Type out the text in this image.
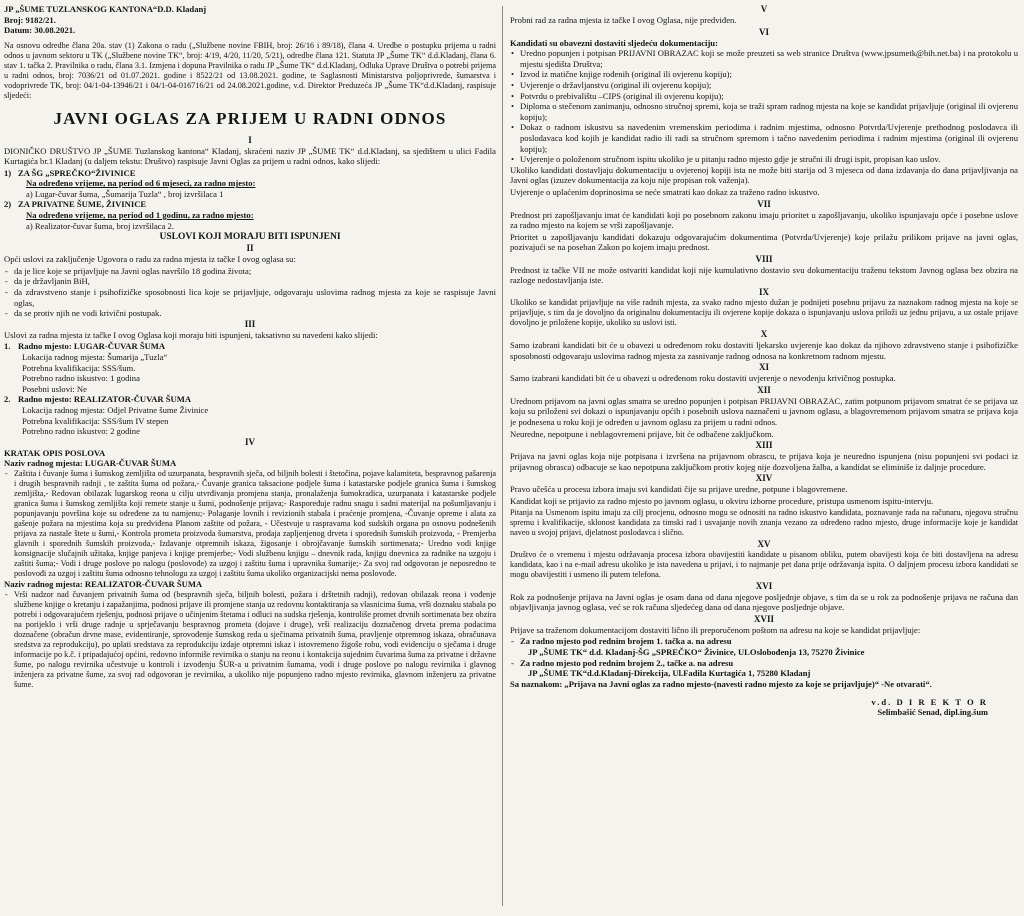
JP „ŠUME TUZLANSKOG KANTONA“D.D. Kladanj
Broj: 9182/21.
Datum: 30.08.2021.

Na osnovu odredbe člana 20a. stav (1) Zakona o radu („Službene novine FBIH, broj: 26/16 i 89/18), člana 4. Uredbe o postupku prijema u radni odnos u javnom sektoru u TK („Službene novine TK“, broj: 4/19, 4/20, 11/20, 5/21), odredbe člana 121. Statuta JP „Šume TK“ d.d.Kladanj, člana 6. stav 1. tačka 2. Pravilnika o radu, člana 3.1. Izmjena i dopuna Pravilnika o radu JP „Šume TK“ d.d.Kladanj, Odluka Uprave Društva o potrebi prijema u radni odnos, broj: 7036/21 od 01.07.2021. godine i 8522/21 od 13.08.2021. godine, te Saglasnosti Ministarstva poljoprivrede, šumarstva i vodoprivrede TK, broj: 04/1-04-13946/21 i 04/1-04-016716/21 od 24.08.2021.godine, v.d. Direktor Preduzeća JP „Šume TK“d.d.Kladanj, raspisuje sljedeći:

JAVNI OGLAS ZA PRIJEM U RADNI ODNOS
I

DIONIČKO DRUŠTVO JP „ŠUME Tuzlanskog kantona“ Kladanj, skraćeni naziv JP „ŠUME TK“ d.d.Kladanj, sa sjedištem u ulici Fadila Kurtagića br.1 Kladanj (u daljem tekstu: Društvo) raspisuje Javni Oglas za prijem u radni odnos, kako slijedi:

1) ZA ŠG „SPREČKO“ŽIVINICE
Na određeno vrijeme, na period od 6 mjeseci, za radno mjesto:
a) Lugar-čuvar šuma, „Šumarija Tuzla“ , broj izvršilaca 1
2) ZA PRIVATNE ŠUME, ŽIVINICE
Na određeno vrijeme, na period od 1 godinu, za radno mjesto:
a) Realizator-čuvar šuma, broj izvršilaca 2.
USLOVI KOJI MORAJU BITI ISPUNJENI
II

Opći uslovi za zaključenje Ugovora o radu za radna mjesta iz tačke I ovog oglasa su:

- da je lice koje se prijavljuje na Javni oglas navršilo 18 godina života;
- da je državljanin BiH,
- da zdravstveno stanje i psihofizičke sposobnosti lica koje se prijavljuje, odgovaraju uslovima radnog mjesta za koje se raspisuje Javni oglas,
- da se protiv njih ne vodi krivični postupak.
III

Uslovi za radna mjesta iz tačke I ovog Oglasa koji moraju biti ispunjeni, taksativno su navedeni kako slijedi:

1. Radno mjesto: LUGAR-ČUVAR ŠUMA
Lokacija radnog mjesta: Šumarija „Tuzla“
Potrebna kvalifikacija: SSS/šum.
Potrebno radno iskustvo: 1 godina
Posebni uslovi: Ne
2. Radno mjesto: REALIZATOR-ČUVAR ŠUMA
Lokacija radnog mjesta: Odjel Privatne šume Živinice
Potrebna kvalifikacija: SSS/šum IV stepen
Potrebno radno iskustvo: 2 godine
IV
KRATAK OPIS POSLOVA
Naziv radnog mjesta: LUGAR-ČUVAR ŠUMA
- Zaštita i čuvanje šuma i šumskog zemljišta od uzurpanata, bespravnih sječa, od biljnih bolesti i štetočina, pojave kalamiteta, bespravnog pašarenja i drugih bespravnih radnji , te zaštita šuma od požara,- Čuvanje granica taksacione podjele šuma i katastarske podjele granica šuma i šumskog zemljišta,- Redovan obilazak lugarskog reona u cilju utvrđivanja promjena stanja, pronalaženja šumokradica, uzurpanata i katastarske podjele granica šuma i šumskog zemljišta koji remete stanje u šumi, podnošenje prijava;- Raspoređuje radnu snagu i sadni materijal na pošumljavanju i popunjavanju površina koje su određene za tu namjenu;- Polaganje lovnih i revizionih stabala i praćenje promjena, -Čuvanje opreme i alata za gašenje požara na mjestima koja su predviđena Planom zaštite od požara, - Učestvuje u raspravama kod sudskih organa po osnovu podnešenih prijava za nastale štete u šumi,- Kontrola prometa proizvoda šumarstva, prodaja zapljenjenog drveta i sporednih šumskih proizvoda, - Premjerba glavnih i sporednih šumskih proizvoda,- Izdavanje otpremnih iskaza, žigosanje i obrojčavanje šumskih sortimenata;- Uredno vodi knjige konsignacije slučajnih užitaka, knjige panjeva i knjige premjerbe;- Vodi službenu knjigu – dnevnik rada, knjigu dnevnica za radnike na uzgoju i zaštiti šuma;- Vodi i druge poslove po nalogu (poslovođe) za uzgoj i zaštitu šuma i upravnika šumarije;- Za svoj rad odgovoran je neposredno te poslovođi za uzgoj i zaštitu šuma odnosno tehnologu za uzgoj i zaštitu šuma ukoliko organizacijski nema poslovođe.
Naziv radnog mjesta: REALIZATOR-ČUVAR ŠUMA
- Vrši nadzor nad čuvanjem privatnih šuma od (bespravnih sječa, biljnih bolesti, požara i drštetnih radnji), redovan obilazak reona i vođenje službene knjige o kretanju i zapažanjima, podnosi prijave ili promjene stanja uz redovnu kontaktiranja sa vlasnicima šuma, vrši doznaku stabala po potrebi i odgovarajućem rješenju, podnosi prijave o učinjenim štetama i odluci na sudska rješenja, kontroliše promet drvnih sortimenata bez obzira na porijeklo i vrši druge radnje u sprječavanju bespravnog prometa (dojave i druge), vrši realizaciju doznačenog drveta prema podacima doznačene (obračun drvne mase, evidentiranje, sprovođenje šumskog reda u sječinama privatnih šuma, pravljenje otpremnog iskaza, obračunava sredstva za reprodukciju), po uplati sredstava za reprodukciju izdaje otpremni iskaz i istovremeno žigoše robu, vodi evidenciju o sječama i druge informacije po k.č. i pripadajućoj općini, redovno informiše revirnika o stanju na reonu i kontakcija sujednim čuvarima šuma za privatne i državne šume, po nalogu revirnika učestvuje u kontroli i izvođenju ŠUR-a u privatnim šumama, vodi i druge poslove po nalogu revirnika i glavnog inženjera za privatne šume, za svoj rad odgovoran je revirniku, a ukoliko nije popunjeno radno mjesto revirnika, glavnom inženjeru za privatne šume.
V

Probni rad za radna mjesta iz tačke I ovog Oglasa, nije predviđen.

VI
Kandidati su obavezni dostaviti sljedeću dokumentaciju:
• Uredno popunjen i potpisan PRIJAVNI OBRAZAC koji se može preuzeti sa web stranice Društva (www.jpsumetk@bih.net.ba) i na protokolu u mjestu sjedišta Društva;
• Izvod iz matične knjige rođenih (original ili ovjerenu kopiju);
• Uvjerenje o državljanstvu (original ili ovjerenu kopiju);
• Potvrdu o prebivalištu –CIPS (original ili ovjerenu kopiju);
• Diploma o stečenom zanimanju, odnosno stručnoj spremi, koja se traži spram radnog mjesta na koje se kandidat prijavljuje (original ili ovjerenu kopiju);
• Dokaz o radnom iskustvu sa navedenim vremenskim periodima i radnim mjestima, odnosno Potvrda/Uvjerenje prethodnog poslodavca ili poslodavaca kod kojih je kandidat radio ili radi sa stručnom spremom i tačno navedenim periodima i radnim mjestima (original ili ovjerenu kopiju);
• Uvjerenje o položenom stručnom ispitu ukoliko je u pitanju radno mjesto gdje je stručni ili drugi ispit, propisan kao uslov.

Ukoliko kandidati dostavljaju dokumentaciju u ovjerenoj kopiji ista ne može biti starija od 3 mjeseca od dana izdavanja do dana prijavljivanja na Javni oglas (izuzev dokumentacija za koju nije propisan rok važenja).

Uvjerenje o uplaćenim doprinosima se neće smatrati kao dokaz za traženo radno iskustvo.

VII

Prednost pri zapošljavanju imat će kandidati koji po posebnom zakonu imaju prioritet u zapošljavanju, ukoliko ispunjavaju opće i posebne uslove za radno mjesto na kojem se vrši zapošljavanje.

Prioritet u zapošljavanju kandidati dokazuju odgovarajućim dokumentima (Potvrda/Uvjerenje) koje prilažu prilikom prijave na javni oglas, pozivajući se na poseban Zakon po kojem imaju prednost.

VIII

Prednost iz tačke VII ne može ostvariti kandidat koji nije kumulativno dostavio svu dokumentaciju traženu tekstom Javnog oglasa bez obzira na razloge nedostavljanja iste.

IX

Ukoliko se kandidat prijavljuje na više radnih mjesta, za svako radno mjesto dužan je podnijeti posebnu prijavu za naznakom radnog mjesta na koje se prijavljuje, s tim da je dovoljno da originalnu dokumentaciju ili ovjerene kopije dokaza o ispunjavanju uslova priloži uz jednu prijavu, a uz ostale prijave dovoljno je priložene kopije, ukoliko su uslovi isti.

X

Samo izabrani kandidati bit će u obavezi u određenom roku dostaviti ljekarsko uvjerenje kao dokaz da njihovo zdravstveno stanje i psihofizičke sposobnosti odgovaraju uslovima radnog mjesta za zasnivanje radnog odnosa na konkretnom radnom mjestu.

XI

Samo izabrani kandidati bit će u obavezi u određenom roku dostaviti uvjerenje o nevođenju krivičnog postupka.

XII

Urednom prijavom na javni oglas smatra se uredno popunjen i potpisan PRIJAVNI OBRAZAC, zatim potpunom prijavom smatrat će se prijava uz koju su priloženi svi dokazi o ispunjavanju općih i posebnih uslova naznačeni u javnom oglasu, a blagovremenom prijavom smatra se prijava koja je podnesena u roku koji je određen u javnom oglasu za prijem u radni odnos.

Neuredne, nepotpune i neblagovremeni prijave, bit će odbačene zaključkom.

XIII

Prijava na javni oglas koja nije potpisana i izvršena na prijavnom obrascu, te prijava koja je neuredno ispunjena (nisu popunjeni svi podaci iz prijavnog obrasca) odbacuje se kao nepotpuna zaključkom protiv kojeg nije dozvoljena žalba, a kandidat se eliminiše iz daljnje procedure.

XIV

Pravo učešća u procesu izbora imaju svi kandidati čije su prijave uredne, potpune i blagovremene.

Kandidat koji se prijavio za radno mjesto po javnom oglasu, u okviru izborne procedure, pristupa usmenom ispitu-intervju.

Pitanja na Usmenom ispitu imaju za cilj procjenu, odnosno mogu se odnositi na radno iskustvo kandidata, poznavanje rada na računaru, njegovu stručnu spremu i kvalifikacije, sklonost kandidata za timski rad i usvajanje novih znanja vezano za određeno radno mjesto, druge informacije koje je kandidat naveo u svojoj prijavi, djelatnost poslodavca i slično.

XV

Društvo će o vremenu i mjestu održavanja procesa izbora obavijestiti kandidate u pisanom obliku, putem obavijesti koja će biti dostavljena na adresu kandidata, kao i na e-mail adresu ukoliko je ista navedena u prijavi, i to najmanje pet dana prije održavanja ispita. O daljnjem procesu izbora kandidati se mogu obavijestiti i usmeno ili putem telefona.

XVI

Rok za podnošenje prijava na Javni oglas je osam dana od dana njegove posljednje objave, s tim da se u rok za podnošenje prijava ne računa dan objavljivanja javnog oglasa, već se rok računa sljedećeg dana od dana njegove posljednje objave.

XVII

Prijave sa traženom dokumentacijom dostaviti lično ili preporučenom poštom na adresu na koje se kandidat prijavljuje:

- Za radno mjesto pod rednim brojem 1. tačka a. na adresu
JP „ŠUME TK“ d.d. Kladanj-ŠG „SPREČKO“ Živinice, ULOslobođenja 13, 75270 Živinice
- Za radno mjesto pod rednim brojem 2., tačke a. na adresu
JP „ŠUME TK“d.d.Kladanj-Direkcija, Ul.Fadila Kurtagića 1, 75280 Kladanj
Sa naznakom: „Prijava na Javni oglas za radno mjesto-(navesti radno mjesto za koje se prijavljuje)“ -Ne otvarati“.
v.d. D I R E K T O R
Selimbašić Senad, dipl.ing.šum
